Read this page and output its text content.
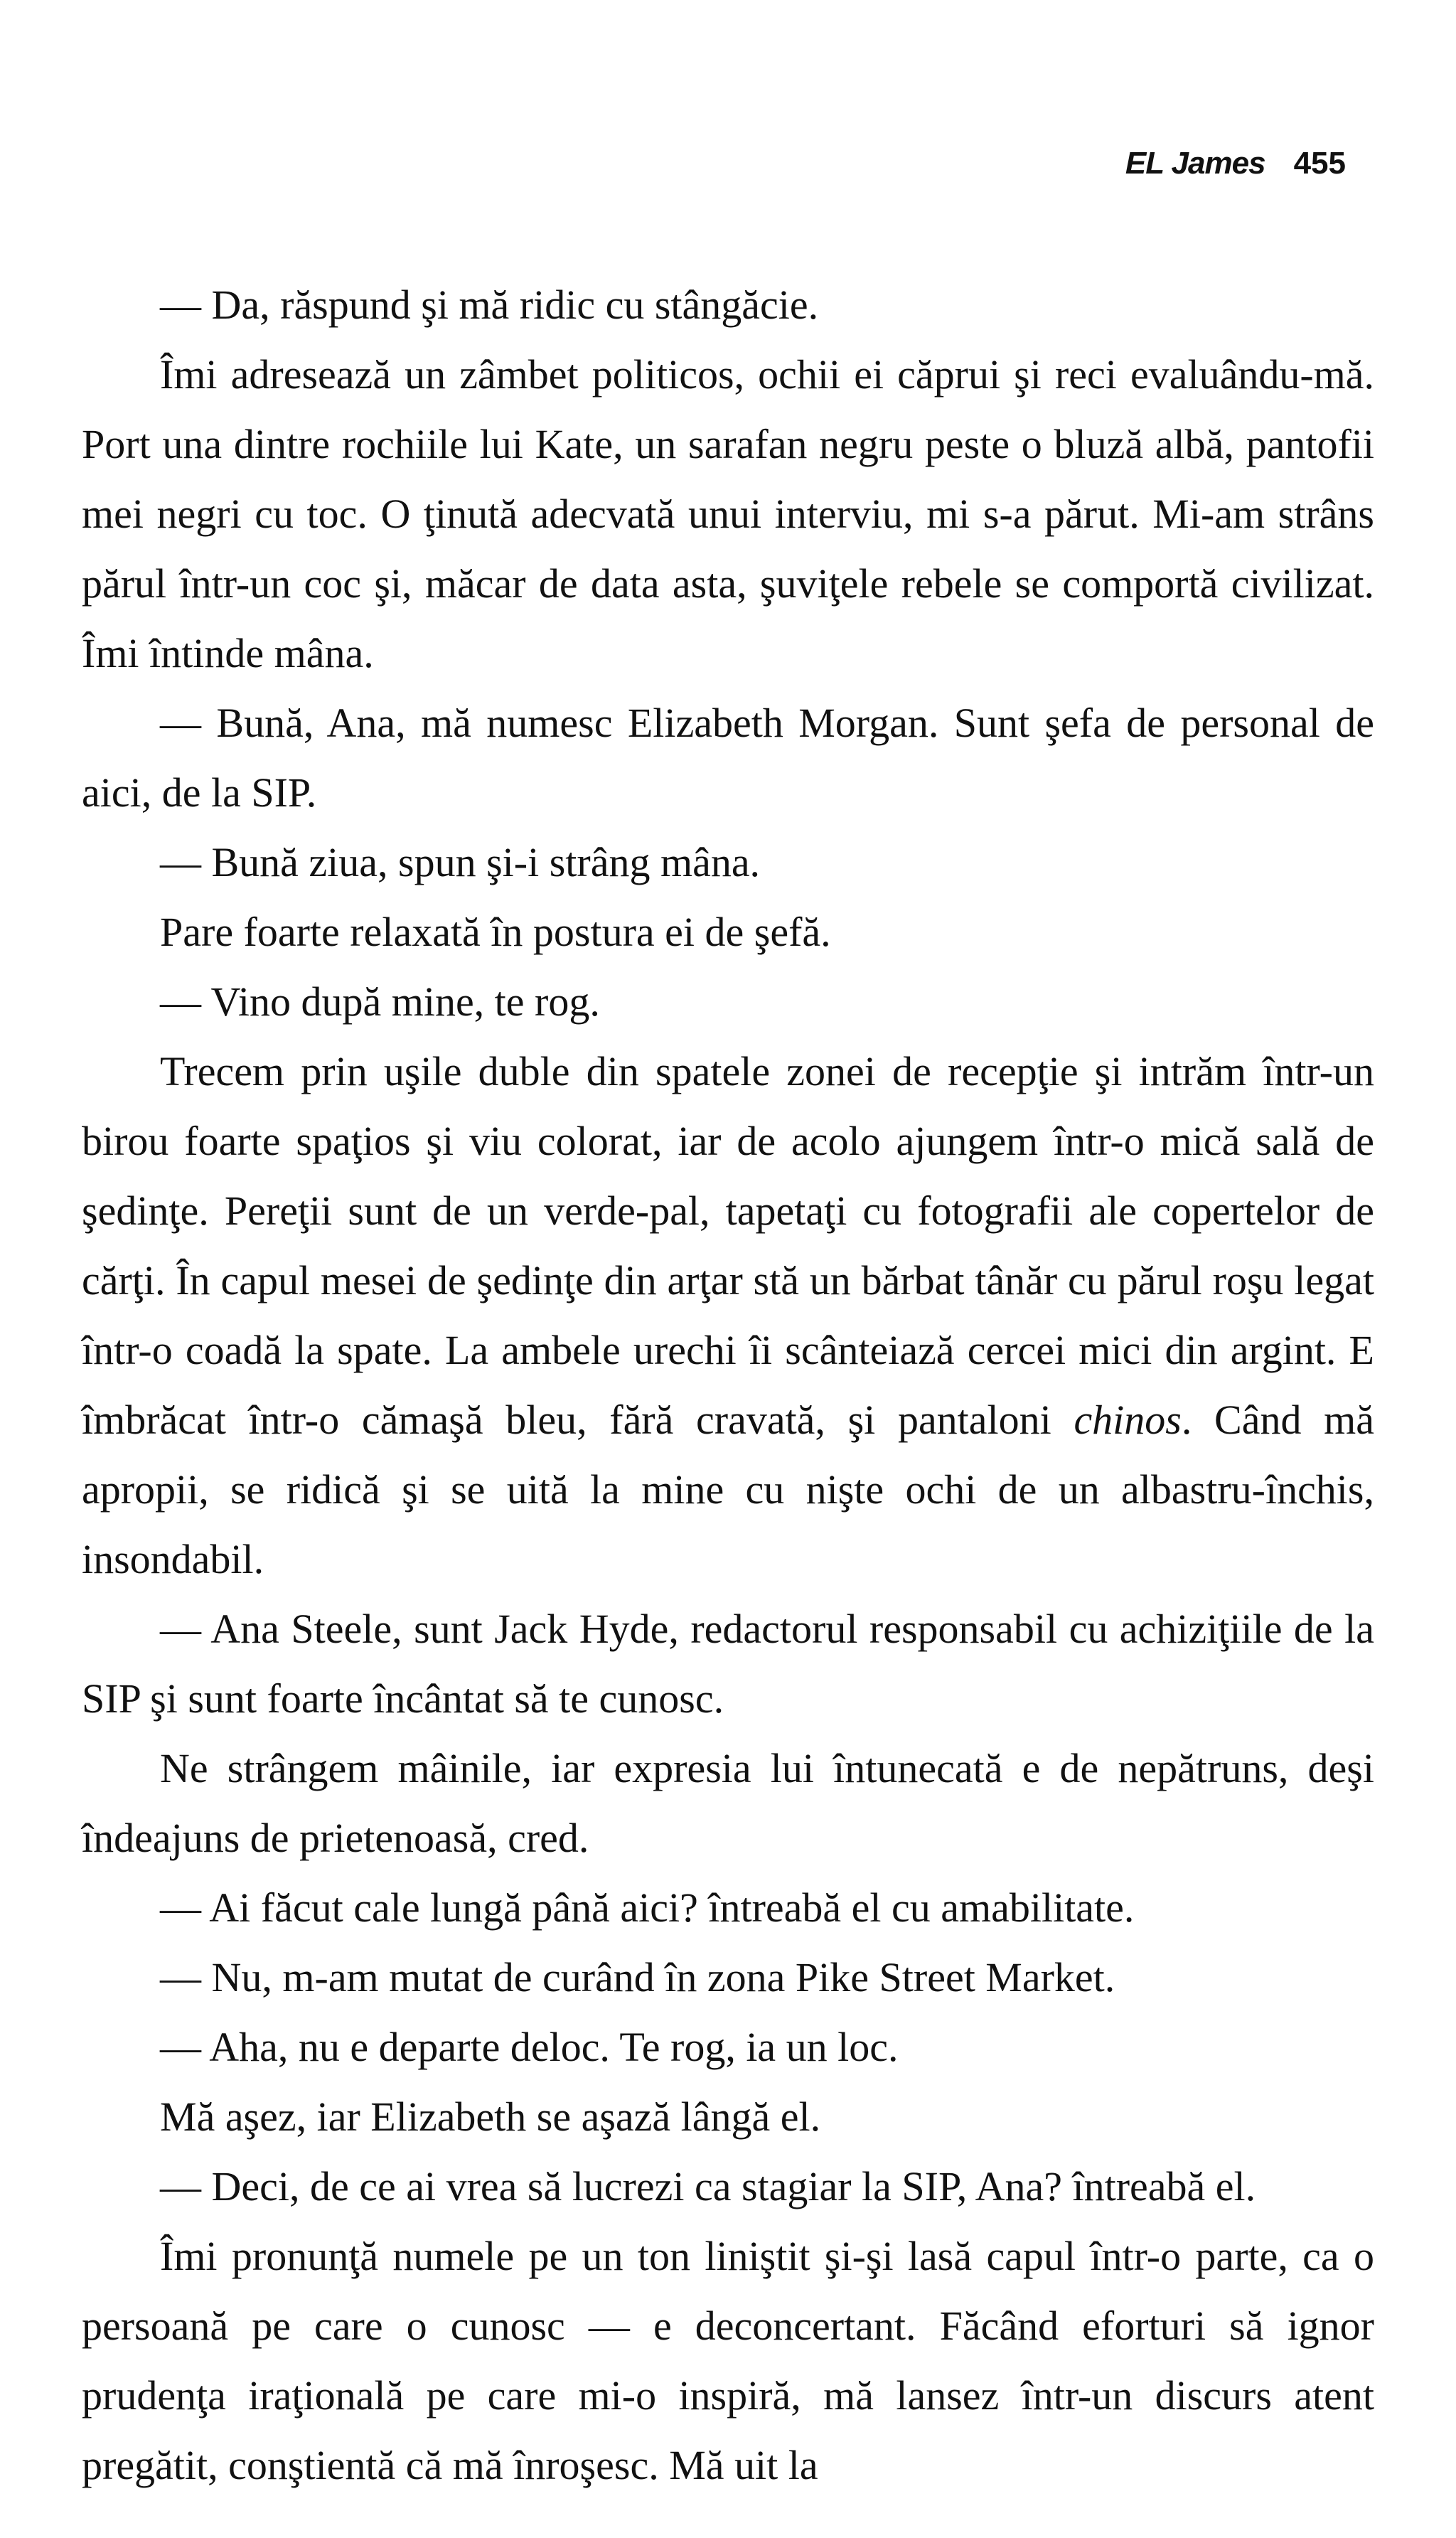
EL James 455

— Da, răspund şi mă ridic cu stângăcie.

Îmi adresează un zâmbet politicos, ochii ei căprui şi reci evaluându-mă. Port una dintre rochiile lui Kate, un sarafan negru peste o bluză albă, pantofii mei negri cu toc. O ţinută adecvată unui interviu, mi s-a părut. Mi-am strâns părul într-un coc şi, măcar de data asta, şuviţele rebele se comportă civilizat. Îmi întinde mâna.

— Bună, Ana, mă numesc Elizabeth Morgan. Sunt şefa de personal de aici, de la SIP.

— Bună ziua, spun şi-i strâng mâna.

Pare foarte relaxată în postura ei de şefă.

— Vino după mine, te rog.

Trecem prin uşile duble din spatele zonei de recepţie şi intrăm într-un birou foarte spaţios şi viu colorat, iar de acolo ajungem într-o mică sală de şedinţe. Pereţii sunt de un verde-pal, tapetaţi cu fotografii ale copertelor de cărţi. În capul mesei de şedinţe din arţar stă un bărbat tânăr cu părul roşu legat într-o coadă la spate. La ambele urechi îi scânteiază cercei mici din argint. E îmbrăcat într-o cămaşă bleu, fără cravată, şi pantaloni chinos. Când mă apropii, se ridică şi se uită la mine cu nişte ochi de un albastru-închis, insondabil.

— Ana Steele, sunt Jack Hyde, redactorul responsabil cu achiziţiile de la SIP şi sunt foarte încântat să te cunosc.

Ne strângem mâinile, iar expresia lui întunecată e de nepătruns, deşi îndeajuns de prietenoasă, cred.

— Ai făcut cale lungă până aici? întreabă el cu amabilitate.

— Nu, m-am mutat de curând în zona Pike Street Market.

— Aha, nu e departe deloc. Te rog, ia un loc.

Mă aşez, iar Elizabeth se aşază lângă el.

— Deci, de ce ai vrea să lucrezi ca stagiar la SIP, Ana? întreabă el.

Îmi pronunţă numele pe un ton liniştit şi-şi lasă capul într-o parte, ca o persoană pe care o cunosc — e deconcertant. Făcând eforturi să ignor prudenţa iraţională pe care mi-o inspiră, mă lansez într-un discurs atent pregătit, conştientă că mă înroşesc. Mă uit la
